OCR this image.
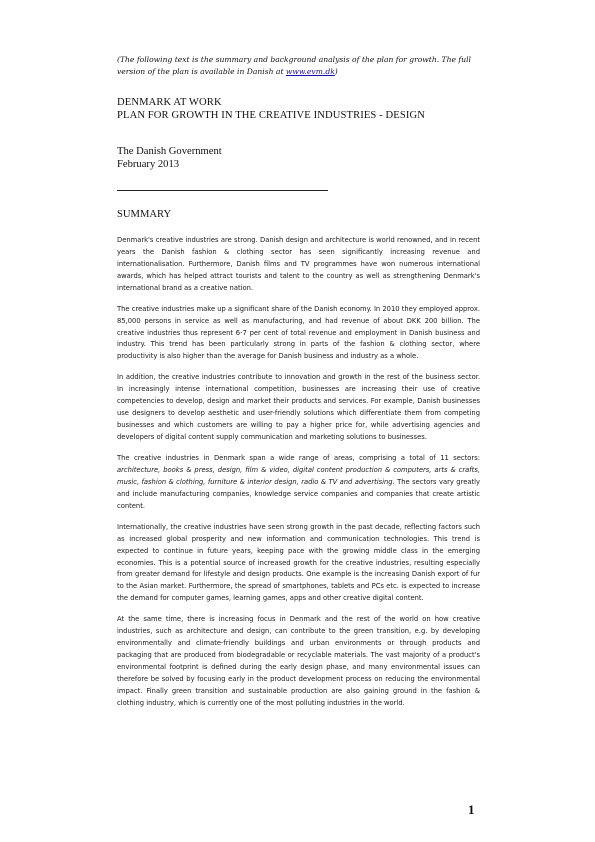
(The following text is the summary and background analysis of the plan for growth. The full version of the plan is available in Danish at www.evm.dk)
DENMARK AT WORK
PLAN FOR GROWTH IN THE CREATIVE INDUSTRIES - DESIGN
The Danish Government
February 2013
SUMMARY

Denmark's creative industries are strong. Danish design and architecture is world renowned, and in recent years the Danish fashion & clothing sector has seen significantly increasing revenue and internationalisation. Furthermore, Danish films and TV programmes have won numerous international awards, which has helped attract tourists and talent to the country as well as strengthening Denmark's international brand as a creative nation.

The creative industries make up a significant share of the Danish economy. In 2010 they employed approx. 85,000 persons in service as well as manufacturing, and had revenue of about DKK 200 billion. The creative industries thus represent 6-7 per cent of total revenue and employment in Danish business and industry. This trend has been particularly strong in parts of the fashion & clothing sector, where productivity is also higher than the average for Danish business and industry as a whole.

In addition, the creative industries contribute to innovation and growth in the rest of the business sector. In increasingly intense international competition, businesses are increasing their use of creative competencies to develop, design and market their products and services. For example, Danish businesses use designers to develop aesthetic and user-friendly solutions which differentiate them from competing businesses and which customers are willing to pay a higher price for, while advertising agencies and developers of digital content supply communication and marketing solutions to businesses.

The creative industries in Denmark span a wide range of areas, comprising a total of 11 sectors: architecture, books & press, design, film & video, digital content production & computers, arts & crafts, music, fashion & clothing, furniture & interior design, radio & TV and advertising. The sectors vary greatly and include manufacturing companies, knowledge service companies and companies that create artistic content.

Internationally, the creative industries have seen strong growth in the past decade, reflecting factors such as increased global prosperity and new information and communication technologies. This trend is expected to continue in future years, keeping pace with the growing middle class in the emerging economies. This is a potential source of increased growth for the creative industries, resulting especially from greater demand for lifestyle and design products. One example is the increasing Danish export of fur to the Asian market. Furthermore, the spread of smartphones, tablets and PCs etc. is expected to increase the demand for computer games, learning games, apps and other creative digital content.

At the same time, there is increasing focus in Denmark and the rest of the world on how creative industries, such as architecture and design, can contribute to the green transition, e.g. by developing environmentally and climate-friendly buildings and urban environments or through products and packaging that are produced from biodegradable or recyclable materials. The vast majority of a product's environmental footprint is defined during the early design phase, and many environmental issues can therefore be solved by focusing early in the product development process on reducing the environmental impact. Finally green transition and sustainable production are also gaining ground in the fashion & clothing industry, which is currently one of the most polluting industries in the world.

1
